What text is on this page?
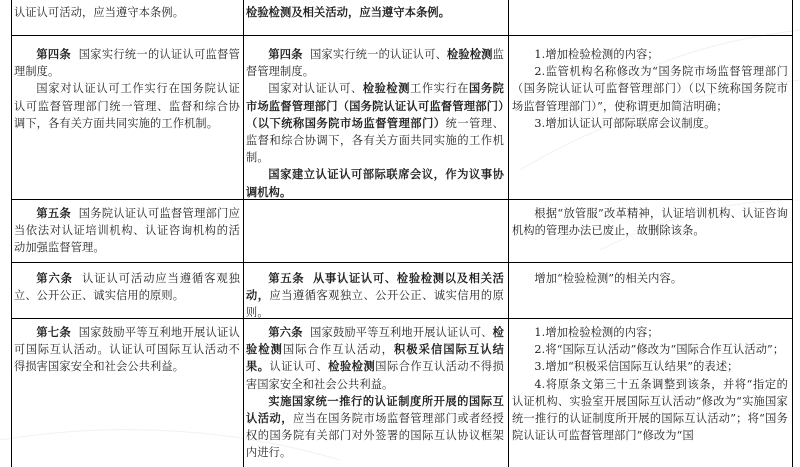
认证认可活动，应当遵守本条例。	检验检测及相关活动，应当遵守本条例。

第四条 国家实行统一的认证认可监督管理制度。

国家对认证认可工作实行在国务院认证认可监督管理部门统一管理、监督和综合协调下，各有关方面共同实施的工作机制。

第四条 国家实行统一的认证认可、检验检测监督管理制度。

国家对认证认可、检验检测工作实行在国务院市场监督管理部门（国务院认证认可监督管理部门）（以下统称国务院市场监督管理部门）统一管理、监督和综合协调下，各有关方面共同实施的工作机制。

国家建立认证认可部际联席会议，作为议事协调机构。

1.增加检验检测的内容；

2.监管机构名称修改为“国务院市场监督管理部门（国务院认证认可监督管理部门）（以下统称国务院市场监督管理部门）”，使称谓更加简洁明确；

3.增加认证认可部际联席会议制度。

第五条 国务院认证认可监督管理部门应当依法对认证培训机构、认证咨询机构的活动加强监督管理。

根据“放管服”改革精神，认证培训机构、认证咨询机构的管理办法已废止，故删除该条。

第六条 认证认可活动应当遵循客观独立、公开公正、诚实信用的原则。

第五条 从事认证认可、检验检测以及相关活动，应当遵循客观独立、公开公正、诚实信用的原则。

增加“检验检测”的相关内容。

第七条 国家鼓励平等互利地开展认证认可国际互认活动。认证认可国际互认活动不得损害国家安全和社会公共利益。

第六条 国家鼓励平等互利地开展认证认可、检验检测国际合作互认活动，积极采信国际互认结果。认证认可、检验检测国际合作互认活动不得损害国家安全和社会公共利益。

实施国家统一推行的认证制度所开展的国际互认活动，应当在国务院市场监督管理部门或者经授权的国务院有关部门对外签署的国际互认协议框架内进行。

1.增加检验检测的内容；

2.将“国际互认活动”修改为“国际合作互认活动”；

3.增加“积极采信国际互认结果”的表述；

4.将原条文第三十五条调整到该条，并将“指定的认证机构、实验室开展国际互认活动”修改为“实施国家统一推行的认证制度所开展的国际互认活动”；将“国务院认证认可监督管理部门”修改为“国
